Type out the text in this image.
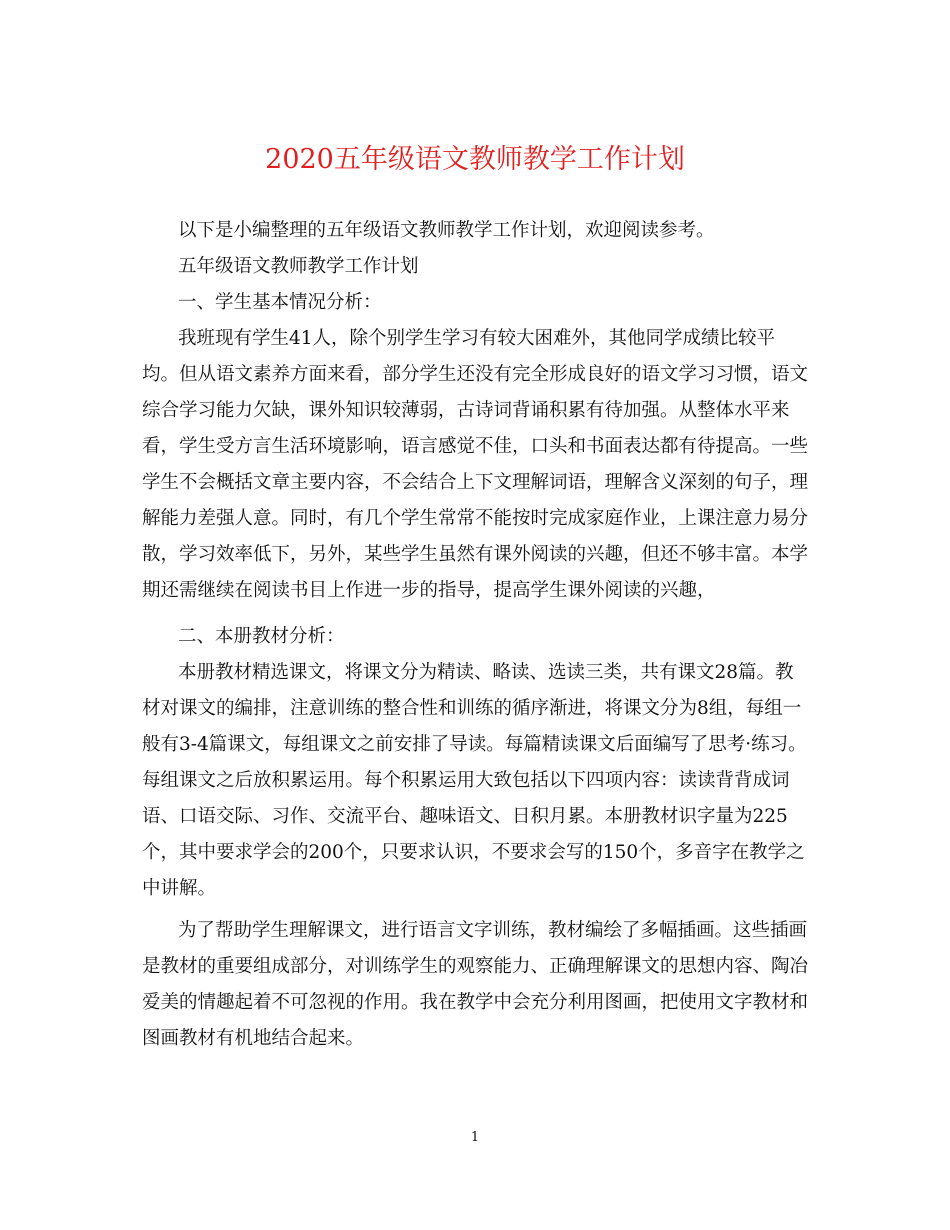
2020五年级语文教师教学工作计划

以下是小编整理的五年级语文教师教学工作计划，欢迎阅读参考。

五年级语文教师教学工作计划

一、学生基本情况分析：

我班现有学生41人，除个别学生学习有较大困难外，其他同学成绩比较平均。但从语文素养方面来看，部分学生还没有完全形成良好的语文学习习惯，语文综合学习能力欠缺，课外知识较薄弱，古诗词背诵积累有待加强。从整体水平来看，学生受方言生活环境影响，语言感觉不佳，口头和书面表达都有待提高。一些学生不会概括文章主要内容，不会结合上下文理解词语，理解含义深刻的句子，理解能力差强人意。同时，有几个学生常常不能按时完成家庭作业，上课注意力易分散，学习效率低下，另外，某些学生虽然有课外阅读的兴趣，但还不够丰富。本学期还需继续在阅读书目上作进一步的指导，提高学生课外阅读的兴趣，

二、本册教材分析：

本册教材精选课文，将课文分为精读、略读、选读三类，共有课文28篇。教材对课文的编排，注意训练的整合性和训练的循序渐进，将课文分为8组，每组一般有3-4篇课文，每组课文之前安排了导读。每篇精读课文后面编写了思考·练习。每组课文之后放积累运用。每个积累运用大致包括以下四项内容：读读背背成词语、口语交际、习作、交流平台、趣味语文、日积月累。本册教材识字量为225个，其中要求学会的200个，只要求认识，不要求会写的150个，多音字在教学之中讲解。

为了帮助学生理解课文，进行语言文字训练，教材编绘了多幅插画。这些插画是教材的重要组成部分，对训练学生的观察能力、正确理解课文的思想内容、陶冶爱美的情趣起着不可忽视的作用。我在教学中会充分利用图画，把使用文字教材和图画教材有机地结合起来。

1
